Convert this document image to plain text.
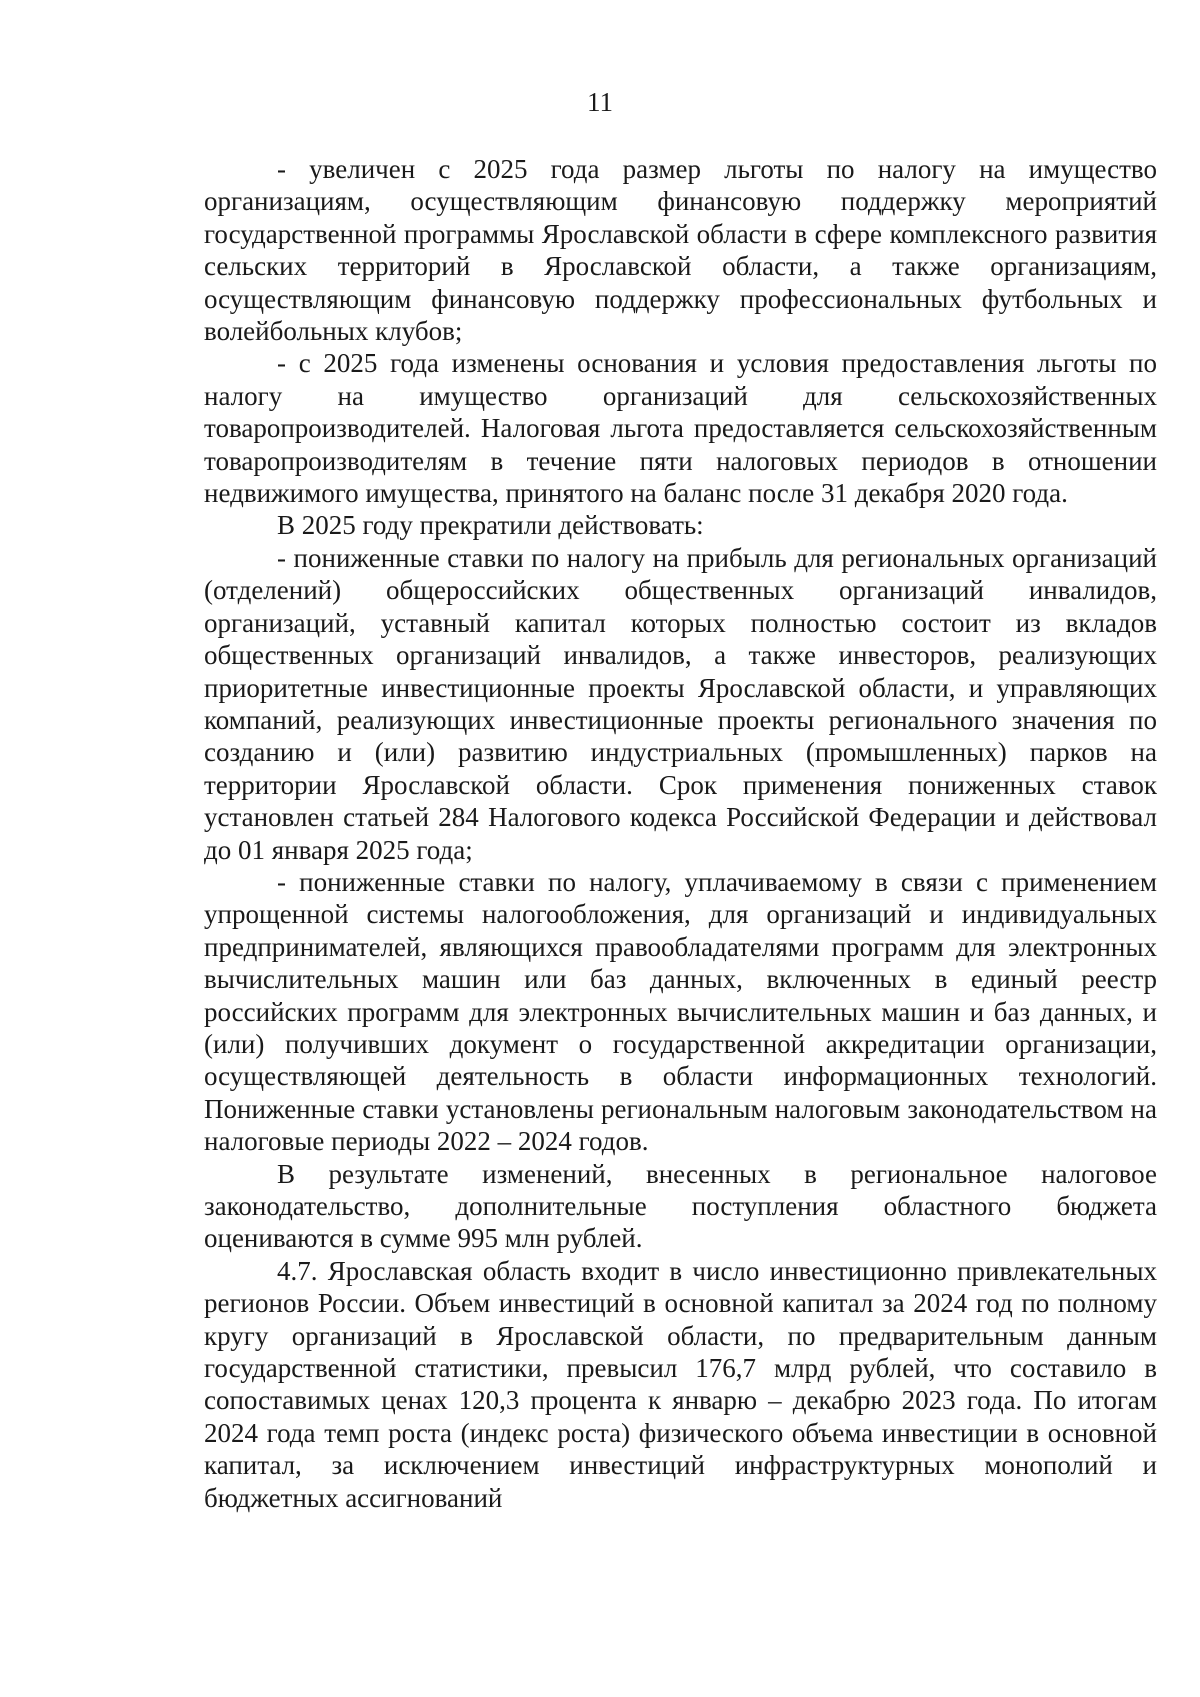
11

- увеличен с 2025 года размер льготы по налогу на имущество организациям, осуществляющим финансовую поддержку мероприятий государственной программы Ярославской области в сфере комплексного развития сельских территорий в Ярославской области, а также организациям, осуществляющим финансовую поддержку профессиональных футбольных и волейбольных клубов;

- с 2025 года изменены основания и условия предоставления льготы по налогу на имущество организаций для сельскохозяйственных товаропроизводителей. Налоговая льгота предоставляется сельскохозяйственным товаропроизводителям в течение пяти налоговых периодов в отношении недвижимого имущества, принятого на баланс после 31 декабря 2020 года.

В 2025 году прекратили действовать:

- пониженные ставки по налогу на прибыль для региональных организаций (отделений) общероссийских общественных организаций инвалидов, организаций, уставный капитал которых полностью состоит из вкладов общественных организаций инвалидов, а также инвесторов, реализующих приоритетные инвестиционные проекты Ярославской области, и управляющих компаний, реализующих инвестиционные проекты регионального значения по созданию и (или) развитию индустриальных (промышленных) парков на территории Ярославской области. Срок применения пониженных ставок установлен статьей 284 Налогового кодекса Российской Федерации и действовал до 01 января 2025 года;

- пониженные ставки по налогу, уплачиваемому в связи с применением упрощенной системы налогообложения, для организаций и индивидуальных предпринимателей, являющихся правообладателями программ для электронных вычислительных машин или баз данных, включенных в единый реестр российских программ для электронных вычислительных машин и баз данных, и (или) получивших документ о государственной аккредитации организации, осуществляющей деятельность в области информационных технологий. Пониженные ставки установлены региональным налоговым законодательством на налоговые периоды 2022 – 2024 годов.

В результате изменений, внесенных в региональное налоговое законодательство, дополнительные поступления областного бюджета оцениваются в сумме 995 млн рублей.

4.7. Ярославская область входит в число инвестиционно привлекательных регионов России. Объем инвестиций в основной капитал за 2024 год по полному кругу организаций в Ярославской области, по предварительным данным государственной статистики, превысил 176,7 млрд рублей, что составило в сопоставимых ценах 120,3 процента к январю – декабрю 2023 года. По итогам 2024 года темп роста (индекс роста) физического объема инвестиции в основной капитал, за исключением инвестиций инфраструктурных монополий и бюджетных ассигнований
